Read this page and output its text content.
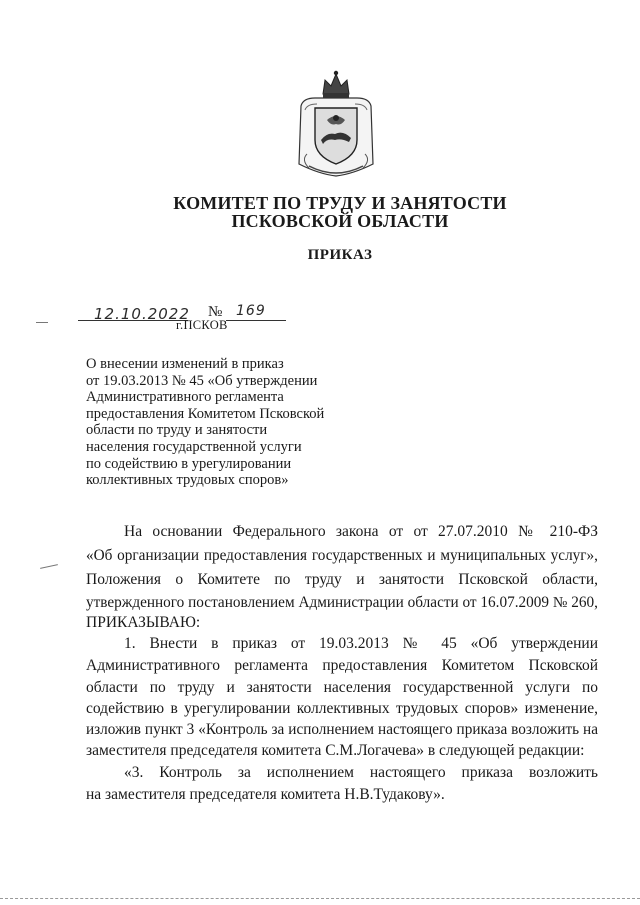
КОМИТЕТ ПО ТРУДУ И ЗАНЯТОСТИ
ПСКОВСКОЙ ОБЛАСТИ
ПРИКАЗ
12.10.2022 № 169
г.ПСКОВ
О внесении изменений в приказ
от 19.03.2013 № 45 «Об утверждении
Административного регламента
предоставления Комитетом Псковской
области по труду и занятости
населения государственной услуги
по содействию в урегулировании
коллективных трудовых споров»
На основании Федерального закона от от 27.07.2010 № 210-ФЗ
«Об организации предоставления государственных и муниципальных услуг»,
Положения о Комитете по труду и занятости Псковской области,
утвержденного постановлением Администрации области от 16.07.2009 № 260,
ПРИКАЗЫВАЮ:
1. Внести в приказ от 19.03.2013 № 45 «Об утверждении
Административного регламента предоставления Комитетом Псковской
области по труду и занятости населения государственной услуги по
содействию в урегулировании коллективных трудовых споров» изменение,
изложив пункт 3 «Контроль за исполнением настоящего приказа возложить на
заместителя председателя комитета С.М.Логачева» в следующей редакции:
«3. Контроль за исполнением настоящего приказа возложить
на заместителя председателя комитета Н.В.Тудакову».
